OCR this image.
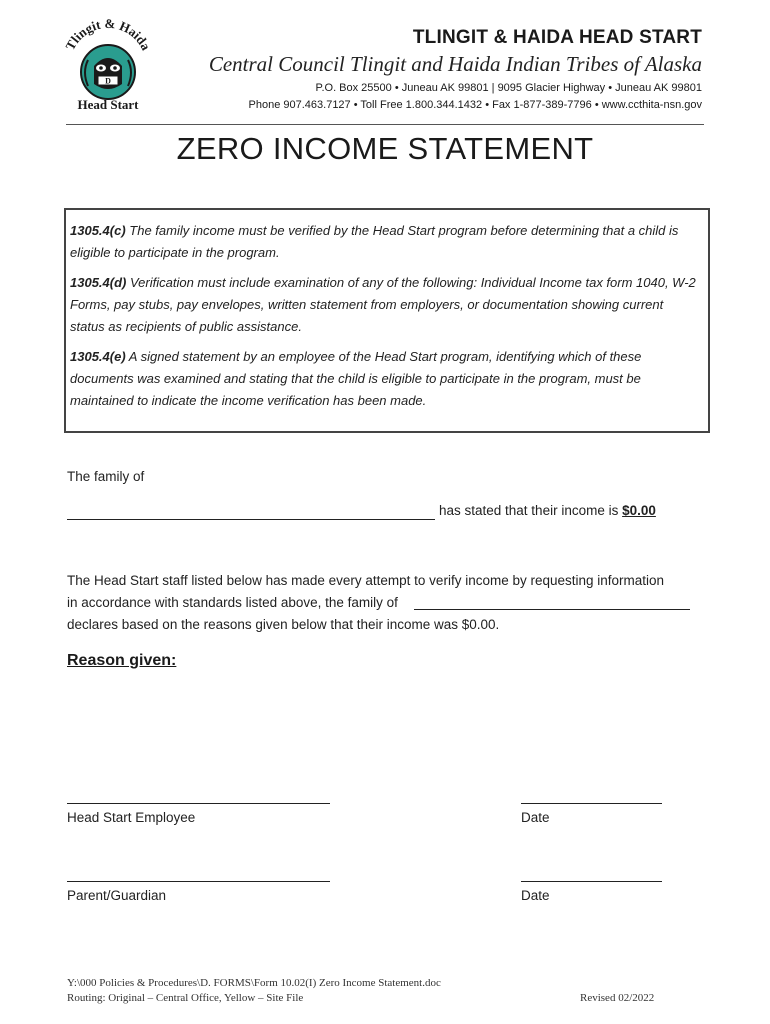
Tlingit & Haida
D
Head Start
TLINGIT & HAIDA HEAD START
Central Council Tlingit and Haida Indian Tribes of Alaska
P.O. Box 25500 • Juneau AK 99801 | 9095 Glacier Highway • Juneau AK 99801
Phone 907.463.7127 • Toll Free 1.800.344.1432 • Fax 1-877-389-7796 • www.ccthita-nsn.gov
ZERO INCOME STATEMENT

1305.4(c) The family income must be verified by the Head Start program before determining that a child is eligible to participate in the program.

1305.4(d) Verification must include examination of any of the following: Individual Income tax form 1040, W-2 Forms, pay stubs, pay envelopes, written statement from employers, or documentation showing current status as recipients of public assistance.

1305.4(e) A signed statement by an employee of the Head Start program, identifying which of these documents was examined and stating that the child is eligible to participate in the program, must be maintained to indicate the income verification has been made.

The family of
has stated that their income is $0.00
The Head Start staff listed below has made every attempt to verify income by requesting information
in accordance with standards listed above, the family of
declares based on the reasons given below that their income was $0.00.
Reason given:
Head Start Employee	Date
Parent/Guardian	Date
Y:\000 Policies & Procedures\D. FORMS\Form 10.02(I) Zero Income Statement.doc
Routing: Original – Central Office, Yellow – Site File	Revised 02/2022
